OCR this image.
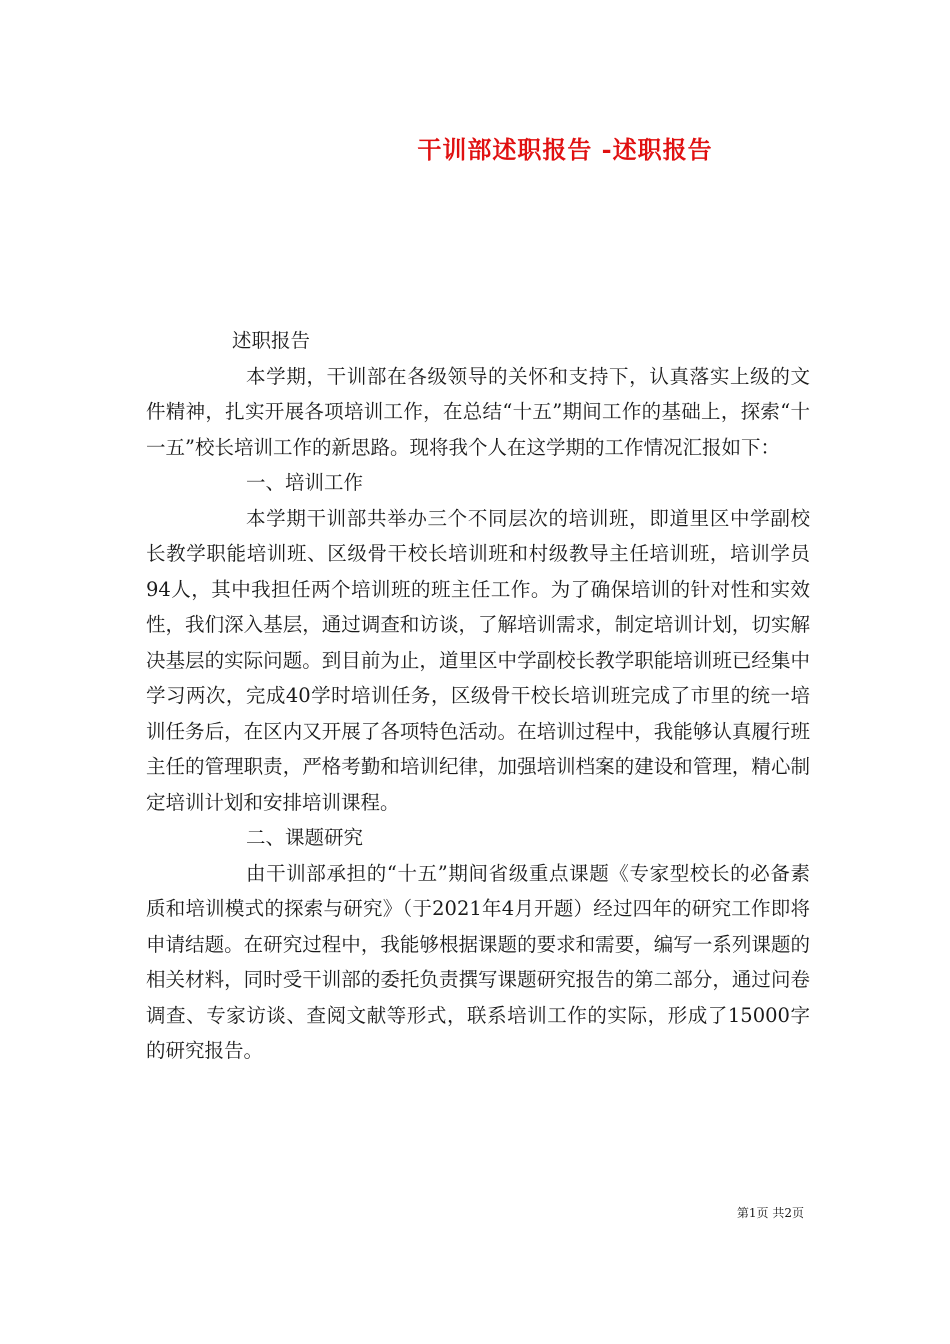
干训部述职报告 -述职报告

述职报告

本学期，干训部在各级领导的关怀和支持下，认真落实上级的文件精神，扎实开展各项培训工作，在总结“十五”期间工作的基础上，探索“十一五”校长培训工作的新思路。现将我个人在这学期的工作情况汇报如下：

一、培训工作

本学期干训部共举办三个不同层次的培训班，即道里区中学副校长教学职能培训班、区级骨干校长培训班和村级教导主任培训班，培训学员94人，其中我担任两个培训班的班主任工作。为了确保培训的针对性和实效性，我们深入基层，通过调查和访谈，了解培训需求，制定培训计划，切实解决基层的实际问题。到目前为止，道里区中学副校长教学职能培训班已经集中学习两次，完成40学时培训任务，区级骨干校长培训班完成了市里的统一培训任务后，在区内又开展了各项特色活动。在培训过程中，我能够认真履行班主任的管理职责，严格考勤和培训纪律，加强培训档案的建设和管理，精心制定培训计划和安排培训课程。

二、课题研究

由干训部承担的“十五”期间省级重点课题《专家型校长的必备素质和培训模式的探索与研究》（于2021年4月开题）经过四年的研究工作即将申请结题。在研究过程中，我能够根据课题的要求和需要，编写一系列课题的相关材料，同时受干训部的委托负责撰写课题研究报告的第二部分，通过问卷调查、专家访谈、查阅文献等形式，联系培训工作的实际，形成了15000字的研究报告。

第1页 共2页
